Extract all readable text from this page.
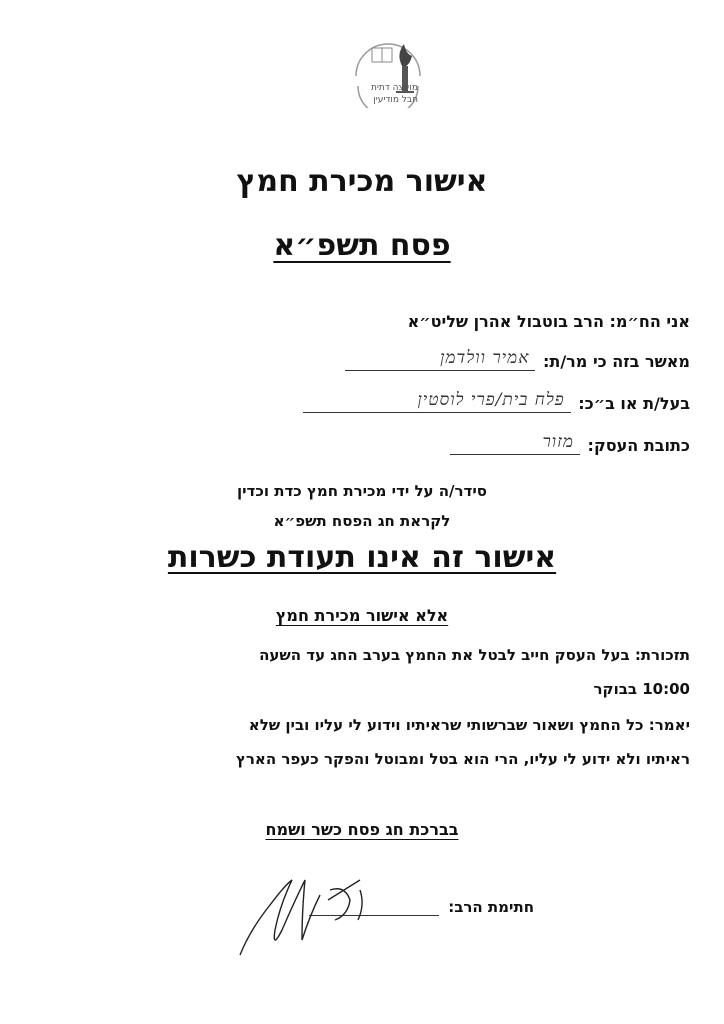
מועצה דתית
חבל מודיעין
אישור מכירת חמץ
פסח תשפ״א
אני הח״מ: הרב בוטבול אהרן שליט״א
מאשר בזה כי מר/ת:
אמיר וולדמן
בעל/ת או ב״כ:
פלח בית/פרי לוסטין
כתובת העסק:
מזור
סידר/ה על ידי מכירת חמץ כדת וכדין
לקראת חג הפסח תשפ״א
אישור זה אינו תעודת כשרות
אלא אישור מכירת חמץ
תזכורת: בעל העסק חייב לבטל את החמץ בערב החג עד השעה
10:00 בבוקר
יאמר: כל החמץ ושאור שברשותי שראיתיו וידוע לי עליו ובין שלא
ראיתיו ולא ידוע לי עליו, הרי הוא בטל ומבוטל והפקר כעפר הארץ
בברכת חג פסח כשר ושמח
חתימת הרב:
